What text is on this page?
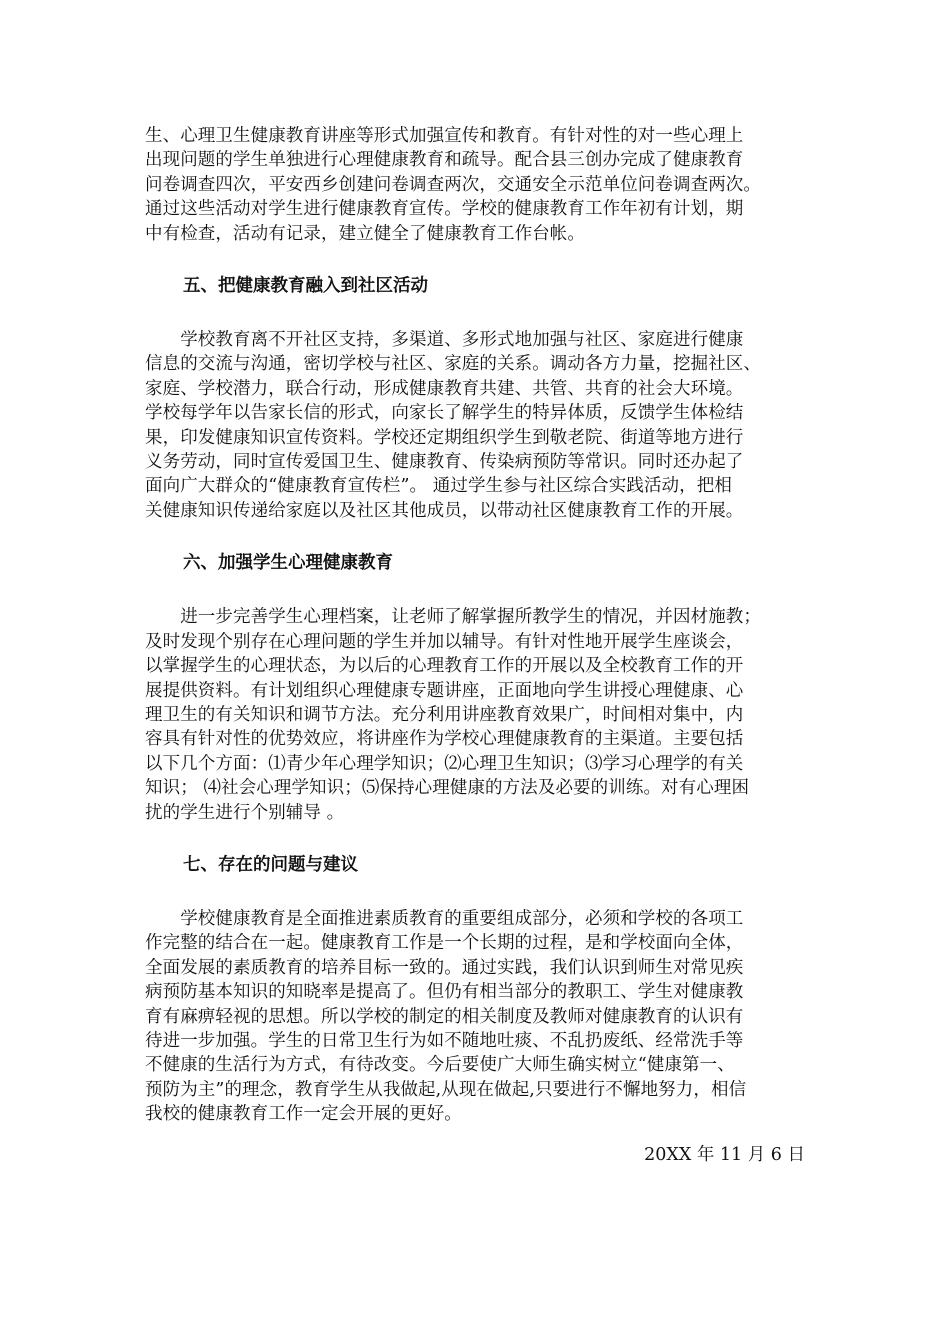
生、心理卫生健康教育讲座等形式加强宣传和教育。有针对性的对一些心理上

出现问题的学生单独进行心理健康教育和疏导。配合县三创办完成了健康教育

问卷调查四次，平安西乡创建问卷调查两次，交通安全示范单位问卷调查两次。

通过这些活动对学生进行健康教育宣传。学校的健康教育工作年初有计划，期

中有检查，活动有记录，建立健全了健康教育工作台帐。

五、把健康教育融入到社区活动

　　学校教育离不开社区支持，多渠道、多形式地加强与社区、家庭进行健康

信息的交流与沟通，密切学校与社区、家庭的关系。调动各方力量，挖掘社区、

家庭、学校潜力，联合行动，形成健康教育共建、共管、共育的社会大环境。

学校每学年以告家长信的形式，向家长了解学生的特异体质，反馈学生体检结

果，印发健康知识宣传资料。学校还定期组织学生到敬老院、街道等地方进行

义务劳动，同时宣传爱国卫生、健康教育、传染病预防等常识。同时还办起了

面向广大群众的“健康教育宣传栏”。 通过学生参与社区综合实践活动，把相

关健康知识传递给家庭以及社区其他成员，以带动社区健康教育工作的开展。

六、加强学生心理健康教育

　　进一步完善学生心理档案，让老师了解掌握所教学生的情况，并因材施教；

及时发现个别存在心理问题的学生并加以辅导。有针对性地开展学生座谈会，

以掌握学生的心理状态，为以后的心理教育工作的开展以及全校教育工作的开

展提供资料。有计划组织心理健康专题讲座，正面地向学生讲授心理健康、心

理卫生的有关知识和调节方法。充分利用讲座教育效果广，时间相对集中，内

容具有针对性的优势效应，将讲座作为学校心理健康教育的主渠道。主要包括

以下几个方面：⑴青少年心理学知识；⑵心理卫生知识；⑶学习心理学的有关

知识； ⑷社会心理学知识；⑸保持心理健康的方法及必要的训练。对有心理困

扰的学生进行个别辅导 。

七、存在的问题与建议

　　学校健康教育是全面推进素质教育的重要组成部分，必须和学校的各项工

作完整的结合在一起。健康教育工作是一个长期的过程，是和学校面向全体，

全面发展的素质教育的培养目标一致的。通过实践，我们认识到师生对常见疾

病预防基本知识的知晓率是提高了。但仍有相当部分的教职工、学生对健康教

育有麻痹轻视的思想。所以学校的制定的相关制度及教师对健康教育的认识有

待进一步加强。学生的日常卫生行为如不随地吐痰、不乱扔废纸、经常洗手等

不健康的生活行为方式，有待改变。今后要使广大师生确实树立“健康第一、

预防为主”的理念，教育学生从我做起,从现在做起,只要进行不懈地努力，相信

我校的健康教育工作一定会开展的更好。

20XX 年 11 月 6 日
